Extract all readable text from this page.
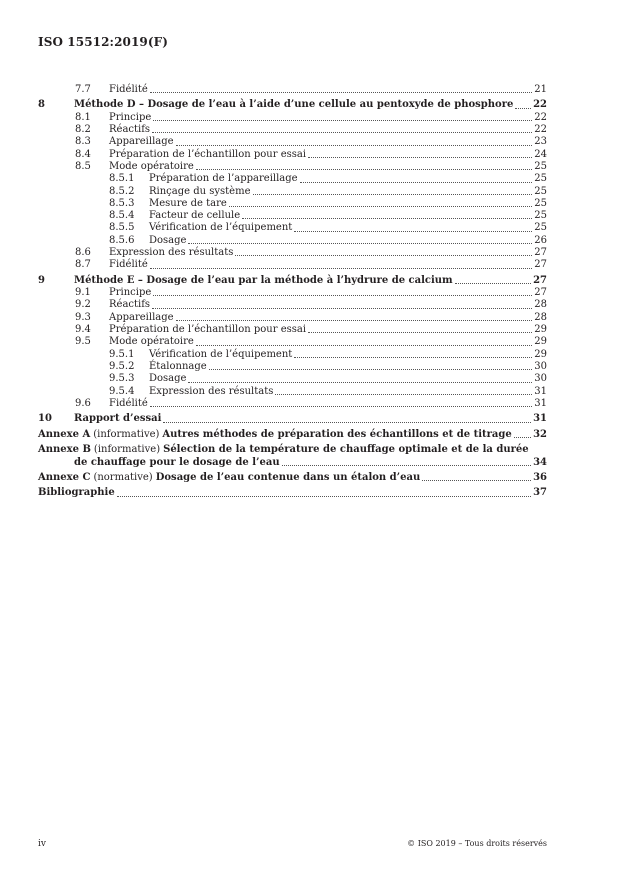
ISO 15512:2019(F)
7.7 Fidélité	21
8	Méthode D – Dosage de l’eau à l’aide d’une cellule au pentoxyde de phosphore 22
8.1 Principe	22
8.2 Réactifs	22
8.3 Appareillage	23
8.4 Préparation de l’échantillon pour essai	24
8.5 Mode opératoire	25
8.5.1 Préparation de l’appareillage	25
8.5.2 Rinçage du système	25
8.5.3 Mesure de tare	25
8.5.4 Facteur de cellule	25
8.5.5 Vérification de l’équipement	25
8.5.6 Dosage	26
8.6 Expression des résultats	27
8.7 Fidélité	27
9	Méthode E – Dosage de l’eau par la méthode à l’hydrure de calcium	27
9.1 Principe	27
9.2 Réactifs	28
9.3 Appareillage	28
9.4 Préparation de l’échantillon pour essai	29
9.5 Mode opératoire	29
9.5.1 Vérification de l’équipement	29
9.5.2 Étalonnage	30
9.5.3 Dosage	30
9.5.4 Expression des résultats	31
9.6 Fidélité	31
10 Rapport d’essai	31
Annexe A (informative) Autres méthodes de préparation des échantillons et de titrage 32
Annexe B (informative) Sélection de la température de chauffage optimale et de la durée
de chauffage pour le dosage de l’eau	34
Annexe C (normative) Dosage de l’eau contenue dans un étalon d’eau	36
Bibliographie	37
iv	© ISO 2019 – Tous droits réservés
